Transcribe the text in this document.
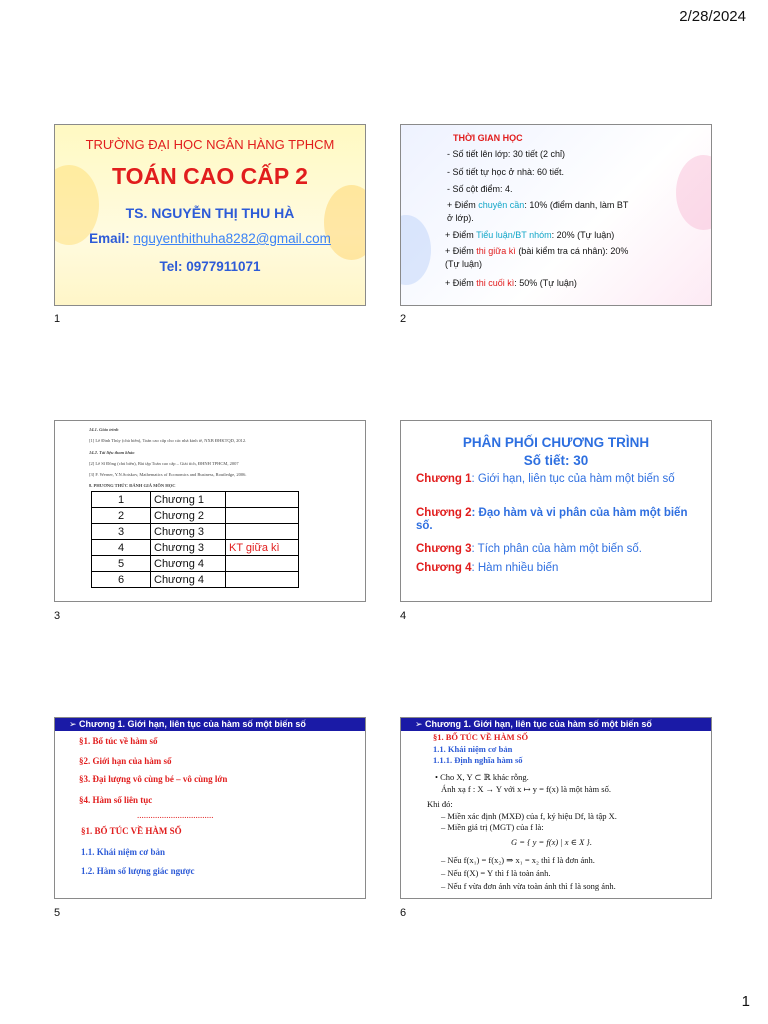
2/28/2024
TRƯỜNG ĐẠI HỌC NGÂN HÀNG TPHCM
TOÁN CAO CẤP 2
TS. NGUYỄN THỊ THU HÀ
Email: nguyenthithuha8282@gmail.com
Tel: 0977911071
1
THỜI GIAN HỌC
- Số tiết lên lớp: 30 tiết (2 chỉ)
- Số tiết tự học ở nhà: 60 tiết.
- Số cột điểm: 4.
+ Điểm chuyên cần: 10% (điểm danh, làm BT
ở lớp).
+ Điểm Tiểu luận/BT nhóm: 20% (Tự luận)
+ Điểm thi giữa kì (bài kiểm tra cá nhân): 20%
(Tự luận)
+ Điểm thi cuối kì: 50% (Tự luận)
2
14.1. Giáo trình
[1] Lê Đình Thúy (chủ biên), Toán cao cấp cho các nhà kinh tế, NXB ĐHKTQD, 2012.
14.2. Tài liệu tham khảo
[2] Lê Sĩ Đồng (chủ biên), Bài tập Toán cao cấp – Giải tích, ĐHNH TPHCM, 2007
[3] F. Werner, Y.N.Sotskov, Mathematics of Economics and Business, Routledge, 2006.
8. PHƯƠNG THỨC ĐÁNH GIÁ MÔN HỌC
1	Chương 1	
2	Chương 2	
3	Chương 3	
4	Chương 3	KT giữa kì
5	Chương 4	
6	Chương 4	
3
PHÂN PHỐI CHƯƠNG TRÌNH
Số tiết: 30
Chương 1: Giới hạn, liên tục của hàm một biến số
Chương 2: Đạo hàm và vi phân của hàm một biến số.
Chương 3: Tích phân của hàm một biến số.
Chương 4: Hàm nhiều biến
4
➢ Chương 1. Giới hạn, liên tục của hàm số một biến số
§1. Bổ túc về hàm số
§2. Giới hạn của hàm số
§3. Đại lượng vô cùng bé – vô cùng lớn
§4. Hàm số liên tục
..................................
§1. BỔ TÚC VỀ HÀM SỐ
1.1. Khái niệm cơ bản
1.2. Hàm số lượng giác ngược
5
➢ Chương 1. Giới hạn, liên tục của hàm số một biến số
§1. BỔ TÚC VỀ HÀM SỐ
1.1. Khái niệm cơ bản
1.1.1. Định nghĩa hàm số
• Cho X, Y ⊂ ℝ khác rỗng.
Ánh xạ f : X → Y với x ↦ y = f(x) là một hàm số.
Khi đó:
– Miền xác định (MXĐ) của f, ký hiệu Df, là tập X.
– Miền giá trị (MGT) của f là:
G = { y = f(x) | x ∈ X }.
– Nếu f(x₁) = f(x₂) ⇒ x₁ = x₂ thì f là đơn ánh.
– Nếu f(X) = Y thì f là toàn ánh.
– Nếu f vừa đơn ánh vừa toàn ánh thì f là song ánh.
6
1
